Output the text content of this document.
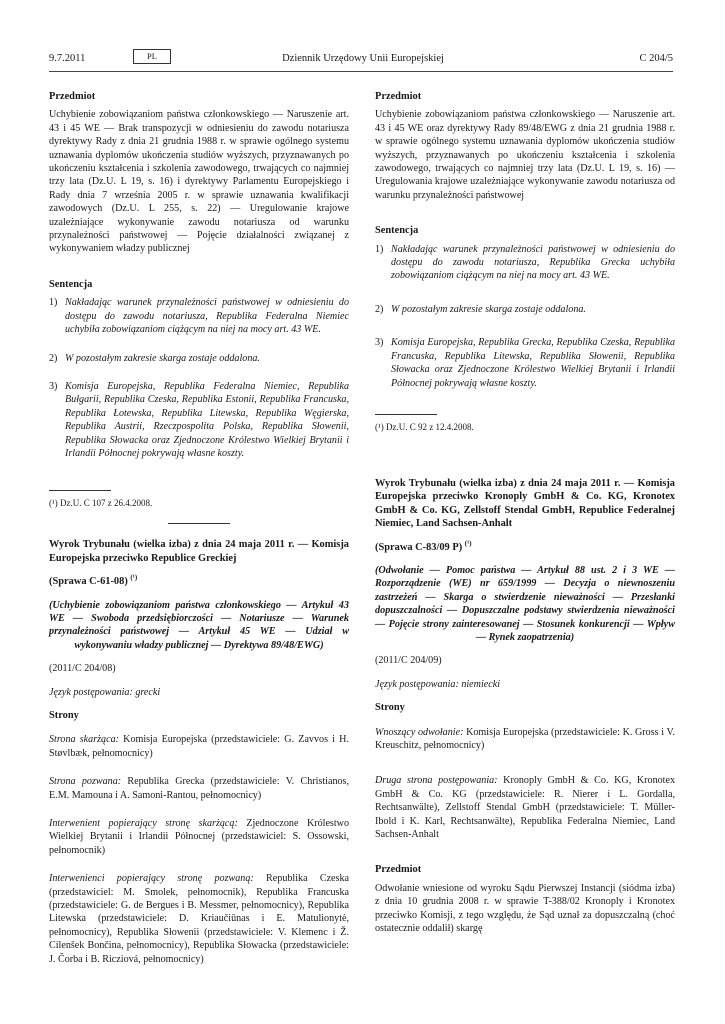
9.7.2011	PL	Dziennik Urzędowy Unii Europejskiej	C 204/5
Przedmiot

Uchybienie zobowiązaniom państwa członkowskiego — Naruszenie art. 43 i 45 WE — Brak transpozycji w odniesieniu do zawodu notariusza dyrektywy Rady z dnia 21 grudnia 1988 r. w sprawie ogólnego systemu uznawania dyplomów ukończenia studiów wyższych, przyznawanych po ukończeniu kształcenia i szkolenia zawodowego, trwających co najmniej trzy lata (Dz.U. L 19, s. 16) i dyrektywy Parlamentu Europejskiego i Rady dnia 7 września 2005 r. w sprawie uznawania kwalifikacji zawodowych (Dz.U. L 255, s. 22) — Uregulowanie krajowe uzależniające wykonywanie zawodu notariusza od warunku przynależności państwowej — Pojęcie działalności związanej z wykonywaniem władzy publicznej

Sentencja
1) Nakładając warunek przynależności państwowej w odniesieniu do dostępu do zawodu notariusza, Republika Federalna Niemiec uchybiła zobowiązaniom ciążącym na niej na mocy art. 43 WE.
2) W pozostałym zakresie skarga zostaje oddalona.
3) Komisja Europejska, Republika Federalna Niemiec, Republika Bułgarii, Republika Czeska, Republika Estonii, Republika Francuska, Republika Łotewska, Republika Litewska, Republika Węgierska, Republika Austrii, Rzeczpospolita Polska, Republika Słowenii, Republika Słowacka oraz Zjednoczone Królestwo Wielkiej Brytanii i Irlandii Północnej pokrywają własne koszty.

(¹) Dz.U. C 107 z 26.4.2008.

Wyrok Trybunału (wielka izba) z dnia 24 maja 2011 r. — Komisja Europejska przeciwko Republice Greckiej

(Sprawa C-61-08) $^{(^1)}$

(Uchybienie zobowiązaniom państwa członkowskiego — Artykuł 43 WE — Swoboda przedsiębiorczości — Notariusze — Warunek przynależności państwowej — Artykuł 45 WE — Udział w wykonywaniu władzy publicznej — Dyrektywa 89/48/EWG)

(2011/C 204/08)

Język postępowania: grecki

Strony

Strona skarżąca: Komisja Europejska (przedstawiciele: G. Zavvos i H. Støvlbæk, pełnomocnicy)

Strona pozwana: Republika Grecka (przedstawiciele: V. Christianos, E.M. Mamouna i A. Samoni-Rantou, pełnomocnicy)

Interwenient popierający stronę skarżącą: Zjednoczone Królestwo Wielkiej Brytanii i Irlandii Północnej (przedstawiciel: S. Ossowski, pełnomocnik)

Interwenienci popierający stronę pozwaną: Republika Czeska (przedstawiciel: M. Smolek, pełnomocnik), Republika Francuska (przedstawiciele: G. de Bergues i B. Messmer, pełnomocnicy), Republika Litewska (przedstawiciele: D. Kriaučiūnas i E. Matulionytė, pełnomocnicy), Republika Słowenii (przedstawiciele: V. Klemenc i Ž. Cilenšek Bončina, pełnomocnicy), Republika Słowacka (przedstawiciele: J. Čorba i B. Ricziová, pełnomocnicy)

Przedmiot

Uchybienie zobowiązaniom państwa członkowskiego — Naruszenie art. 43 i 45 WE oraz dyrektywy Rady 89/48/EWG z dnia 21 grudnia 1988 r. w sprawie ogólnego systemu uznawania dyplomów ukończenia studiów wyższych, przyznawanych po ukończeniu kształcenia i szkolenia zawodowego, trwających co najmniej trzy lata (Dz.U. L 19, s. 16) — Uregulowania krajowe uzależniające wykonywanie zawodu notariusza od warunku przynależności państwowej

Sentencja
1) Nakładając warunek przynależności państwowej w odniesieniu do dostępu do zawodu notariusza, Republika Grecka uchybiła zobowiązaniom ciążącym na niej na mocy art. 43 WE.
2) W pozostałym zakresie skarga zostaje oddalona.
3) Komisja Europejska, Republika Grecka, Republika Czeska, Republika Francuska, Republika Litewska, Republika Słowenii, Republika Słowacka oraz Zjednoczone Królestwo Wielkiej Brytanii i Irlandii Północnej pokrywają własne koszty.

(¹) Dz.U. C 92 z 12.4.2008.

Wyrok Trybunału (wielka izba) z dnia 24 maja 2011 r. — Komisja Europejska przeciwko Kronoply GmbH & Co. KG, Kronotex GmbH & Co. KG, Zellstoff Stendal GmbH, Republice Federalnej Niemiec, Land Sachsen-Anhalt

(Sprawa C-83/09 P) $^{(^1)}$

(Odwołanie — Pomoc państwa — Artykuł 88 ust. 2 i 3 WE — Rozporządzenie (WE) nr 659/1999 — Decyzja o niewnoszeniu zastrzeżeń — Skarga o stwierdzenie nieważności — Przesłanki dopuszczalności — Dopuszczalne podstawy stwierdzenia nieważności — Pojęcie strony zainteresowanej — Stosunek konkurencji — Wpływ — Rynek zaopatrzenia)

(2011/C 204/09)

Język postępowania: niemiecki

Strony

Wnoszący odwołanie: Komisja Europejska (przedstawiciele: K. Gross i V. Kreuschitz, pełnomocnicy)

Druga strona postępowania: Kronoply GmbH & Co. KG, Kronotex GmbH & Co. KG (przedstawiciele: R. Nierer i L. Gordalla, Rechtsanwälte), Zellstoff Stendal GmbH (przedstawiciele: T. Müller-Ibold i K. Karl, Rechtsanwälte), Republika Federalna Niemiec, Land Sachsen-Anhalt

Przedmiot

Odwołanie wniesione od wyroku Sądu Pierwszej Instancji (siódma izba) z dnia 10 grudnia 2008 r. w sprawie T-388/02 Kronoply i Kronotex przeciwko Komisji, z tego względu, że Sąd uznał za dopuszczalną (choć ostatecznie oddalił) skargę
